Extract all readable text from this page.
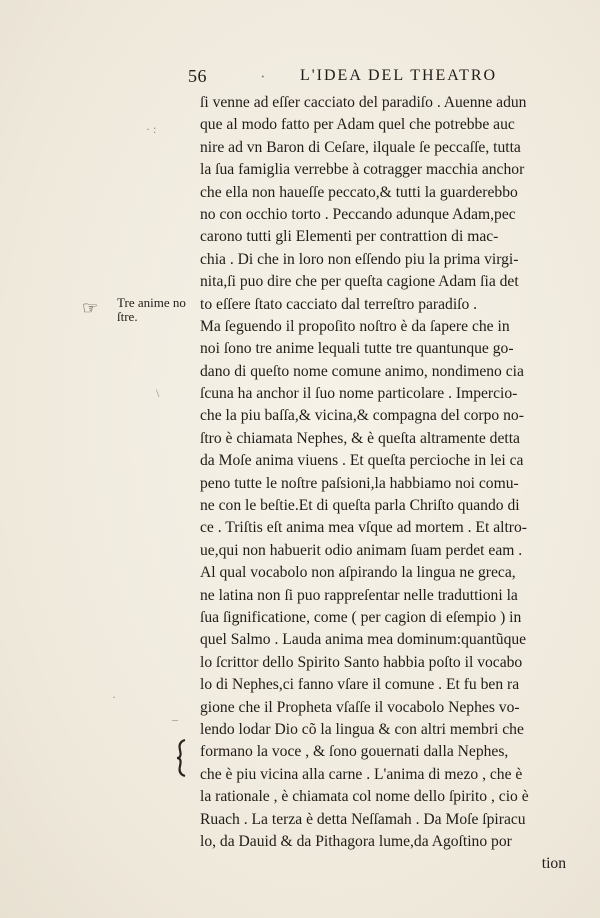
56	· L'IDEA DEL THEATRO
· :
\
·
–
☞ Tre anime no
ſtre.
ſi venne ad eſſer cacciato del paradiſo . Auenne adun
que al modo fatto per Adam quel che potrebbe auc
nire ad vn Baron di Ceſare, ilquale ſe peccaſſe, tutta
la ſua famiglia verrebbe à cotragger macchia anchor
che ella non haueſſe peccato,& tutti la guarderebbo
no con occhio torto . Peccando adunque Adam,pec
carono tutti gli Elementi per contrattion di mac-
chia . Di che in loro non eſſendo piu la prima virgi-
nita,ſi puo dire che per queſta cagione Adam ſia det
to eſſere ſtato cacciato dal terreſtro paradiſo .
Ma ſeguendo il propoſito noſtro è da ſapere che in
noi ſono tre anime lequali tutte tre quantunque go-
dano di queſto nome comune animo, nondimeno cia
ſcuna ha anchor il ſuo nome particolare . Impercio-
che la piu baſſa,& vicina,& compagna del corpo no-
ſtro è chiamata Nephes, & è queſta altramente detta
da Moſe anima viuens . Et queſta percioche in lei ca
peno tutte le noſtre paſsioni,la habbiamo noi comu-
ne con le beſtie.Et di queſta parla Chriſto quando di
ce . Triſtis eſt anima mea vſque ad mortem . Et altro-
ue,qui non habuerit odio animam ſuam perdet eam .
Al qual vocabolo non aſpirando la lingua ne greca,
ne latina non ſi puo rappreſentar nelle traduttioni la
ſua ſignificatione, come ( per cagion di eſempio ) in
quel Salmo . Lauda anima mea dominum:quantũque
lo ſcrittor dello Spirito Santo habbia poſto il vocabo
lo di Nephes,ci fanno vſare il comune . Et fu ben ra
gione che il Propheta vſaſſe il vocabolo Nephes vo-
lendo lodar Dio cõ la lingua & con altri membri che
formano la voce , & ſono gouernati dalla Nephes,
che è piu vicina alla carne . L'anima di mezo , che è
la rationale , è chiamata col nome dello ſpirito , cio è
Ruach . La terza è detta Neſſamah . Da Moſe ſpiracu
lo, da Dauid & da Pithagora lume,da Agoſtino por
tion
